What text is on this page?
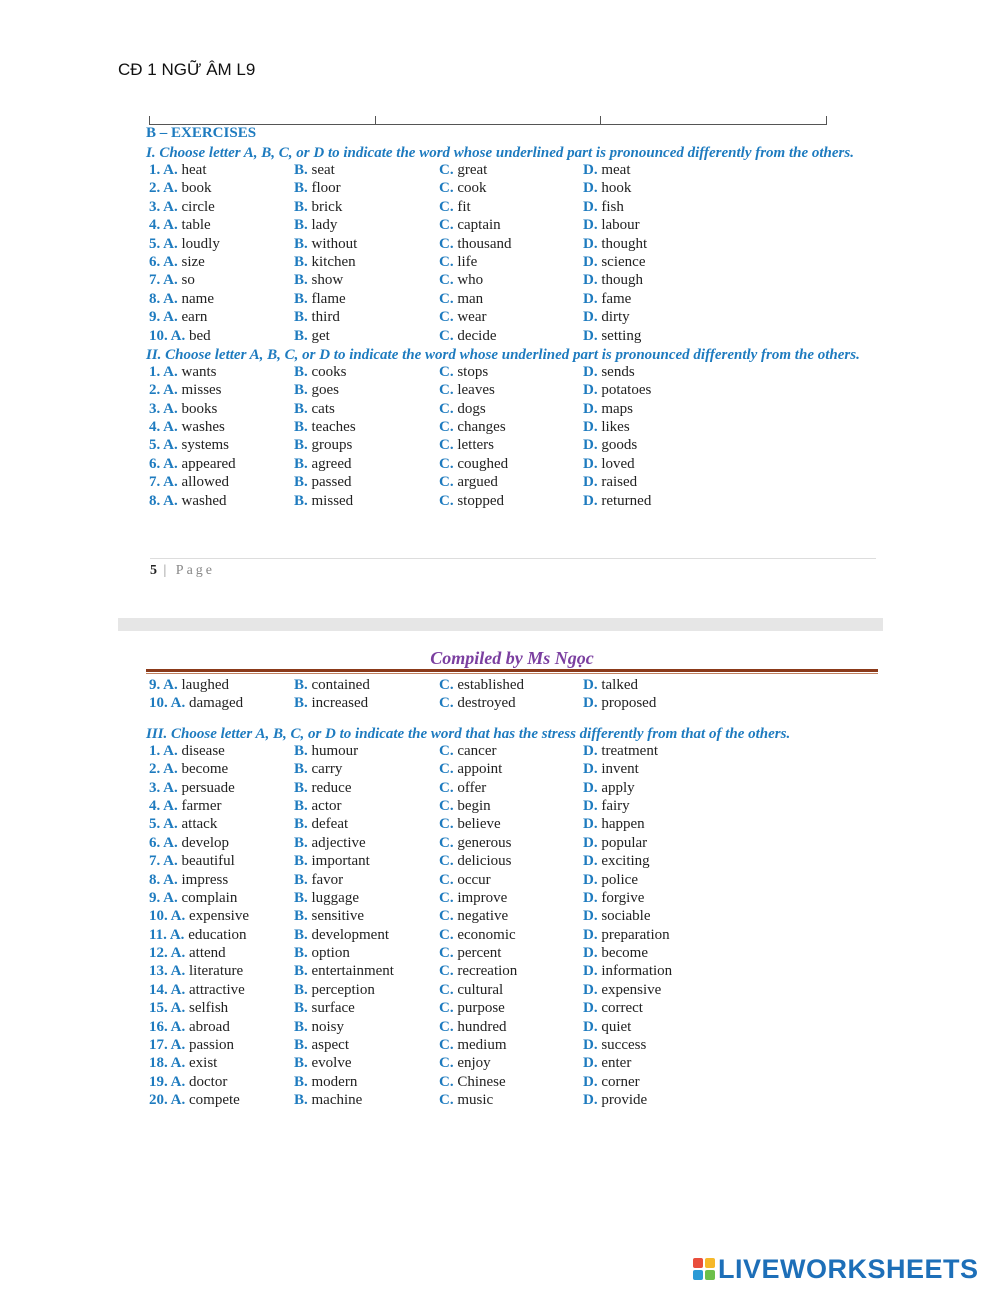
CĐ 1 NGỮ ÂM L9
B – EXERCISES
I. Choose letter A, B, C, or D to indicate the word whose underlined part is pronounced differently from the others.
1. A. heat	B. seat	C. great	D. meat
2. A. book	B. floor	C. cook	D. hook
3. A. circle	B. brick	C. fit	D. fish
4. A. table	B. lady	C. captain	D. labour
5. A. loudly	B. without	C. thousand	D. thought
6. A. size	B. kitchen	C. life	D. science
7. A. so	B. show	C. who	D. though
8. A. name	B. flame	C. man	D. fame
9. A. earn	B. third	C. wear	D. dirty
10. A. bed	B. get	C. decide	D. setting
II. Choose letter A, B, C, or D to indicate the word whose underlined part is pronounced differently from the others.
1. A. wants	B. cooks	C. stops	D. sends
2. A. misses	B. goes	C. leaves	D. potatoes
3. A. books	B. cats	C. dogs	D. maps
4. A. washes	B. teaches	C. changes	D. likes
5. A. systems	B. groups	C. letters	D. goods
6. A. appeared	B. agreed	C. coughed	D. loved
7. A. allowed	B. passed	C. argued	D. raised
8. A. washed	B. missed	C. stopped	D. returned
5 | Page
Compiled by Ms Ngọc
9. A. laughed	B. contained	C. established	D. talked
10. A. damaged	B. increased	C. destroyed	D. proposed
III. Choose letter A, B, C, or D to indicate the word that has the stress differently from that of the others.
1. A. disease	B. humour	C. cancer	D. treatment
2. A. become	B. carry	C. appoint	D. invent
3. A. persuade	B. reduce	C. offer	D. apply
4. A. farmer	B. actor	C. begin	D. fairy
5. A. attack	B. defeat	C. believe	D. happen
6. A. develop	B. adjective	C. generous	D. popular
7. A. beautiful	B. important	C. delicious	D. exciting
8. A. impress	B. favor	C. occur	D. police
9. A. complain	B. luggage	C. improve	D. forgive
10. A. expensive	B. sensitive	C. negative	D. sociable
11. A. education	B. development	C. economic	D. preparation
12. A. attend	B. option	C. percent	D. become
13. A. literature	B. entertainment	C. recreation	D. information
14. A. attractive	B. perception	C. cultural	D. expensive
15. A. selfish	B. surface	C. purpose	D. correct
16. A. abroad	B. noisy	C. hundred	D. quiet
17. A. passion	B. aspect	C. medium	D. success
18. A. exist	B. evolve	C. enjoy	D. enter
19. A. doctor	B. modern	C. Chinese	D. corner
20. A. compete	B. machine	C. music	D. provide
LIVEWORKSHEETS
